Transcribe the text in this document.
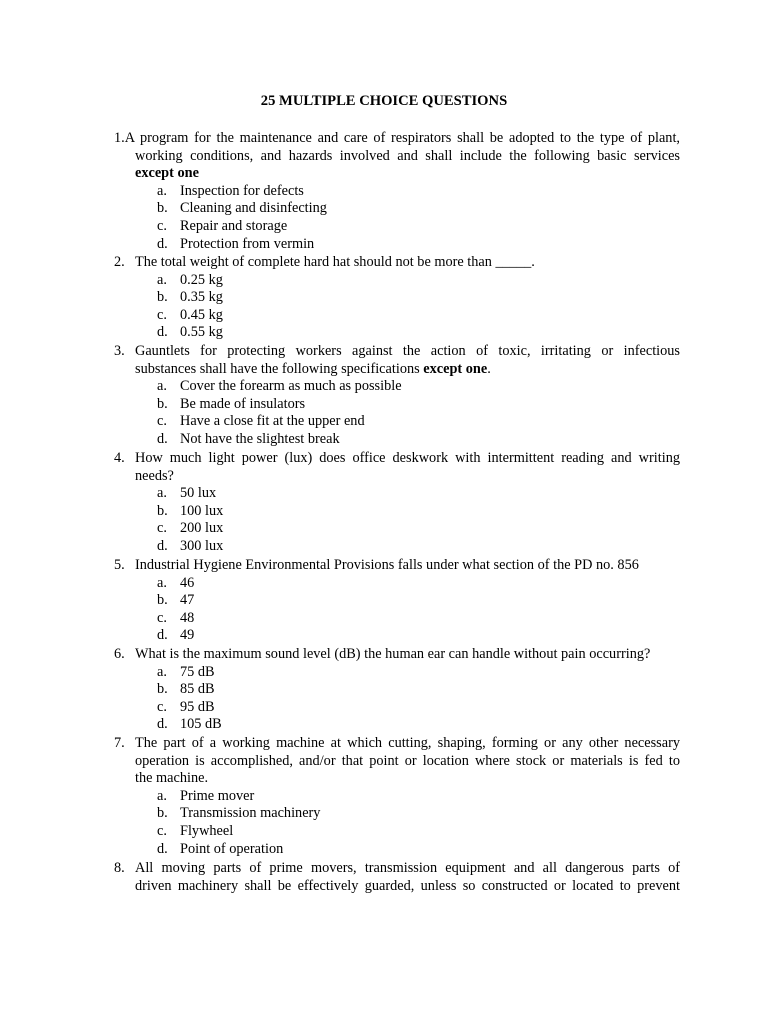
25 MULTIPLE CHOICE QUESTIONS
1.A program for the maintenance and care of respirators shall be adopted to the type of plant,
working conditions, and hazards involved and shall include the following basic services
except one
a. Inspection for defects
b. Cleaning and disinfecting
c. Repair and storage
d. Protection from vermin
2. The total weight of complete hard hat should not be more than _____.
a. 0.25 kg
b. 0.35 kg
c. 0.45 kg
d. 0.55 kg
3. Gauntlets for protecting workers against the action of toxic, irritating or infectious
substances shall have the following specifications except one.
a. Cover the forearm as much as possible
b. Be made of insulators
c. Have a close fit at the upper end
d. Not have the slightest break
4. How much light power (lux) does office deskwork with intermittent reading and writing
needs?
a. 50 lux
b. 100 lux
c. 200 lux
d. 300 lux
5. Industrial Hygiene Environmental Provisions falls under what section of the PD no. 856
a. 46
b. 47
c. 48
d. 49
6. What is the maximum sound level (dB) the human ear can handle without pain occurring?
a. 75 dB
b. 85 dB
c. 95 dB
d. 105 dB
7. The part of a working machine at which cutting, shaping, forming or any other necessary
operation is accomplished, and/or that point or location where stock or materials is fed to
the machine.
a. Prime mover
b. Transmission machinery
c. Flywheel
d. Point of operation
8. All moving parts of prime movers, transmission equipment and all dangerous parts of
driven machinery shall be effectively guarded, unless so constructed or located to prevent
